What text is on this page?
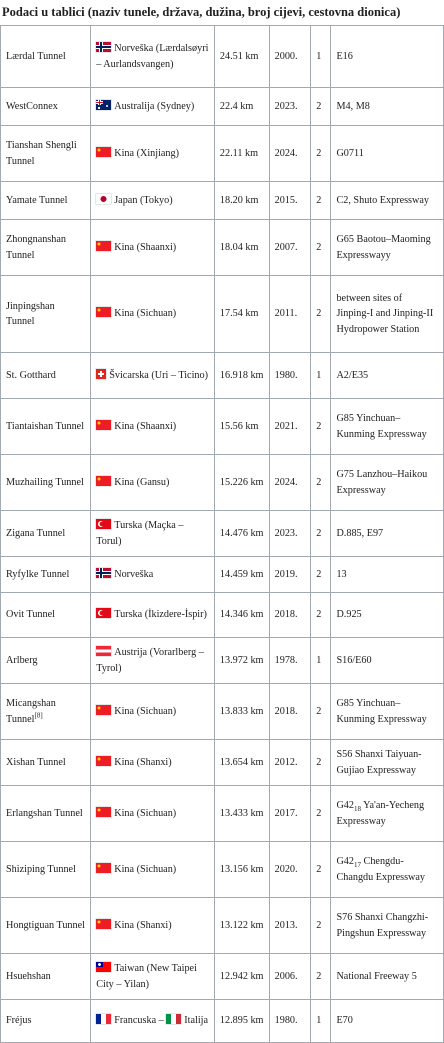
Podaci u tablici (naziv tunele, država, dužina, broj cijevi, cestovna dionica)
Lærdal Tunnel	Norveška (Lærdalsøyri – Aurlandsvangen)	24.51 km	2000.	1	E16
WestConnex	Australija (Sydney)	22.4 km	2023.	2	M4, M8
Tianshan Shengli Tunnel	Kina (Xinjiang)	22.11 km	2024.	2	G0711
Yamate Tunnel	Japan (Tokyo)	18.20 km	2015.	2	C2, Shuto Expressway
Zhongnanshan Tunnel	Kina (Shaanxi)	18.04 km	2007.	2	G65 Baotou–Maoming Expresswayy
Jinpingshan Tunnel	Kina (Sichuan)	17.54 km	2011.	2	between sites of Jinping-I and Jinping-II Hydropower Station
St. Gotthard	Švicarska (Uri – Ticino)	16.918 km	1980.	1	A2/E35
Tiantaishan Tunnel	Kina (Shaanxi)	15.56 km	2021.	2	G85 Yinchuan–Kunming Expressway
Muzhailing Tunnel	Kina (Gansu)	15.226 km	2024.	2	G75 Lanzhou–Haikou Expressway
Zigana Tunnel	Turska (Maçka – Torul)	14.476 km	2023.	2	D.885, E97
Ryfylke Tunnel	Norveška	14.459 km	2019.	2	13
Ovit Tunnel	Turska (İkizdere-İspir)	14.346 km	2018.	2	D.925
Arlberg	Austrija (Vorarlberg – Tyrol)	13.972 km	1978.	1	S16/E60
Micangshan Tunnel[8]	Kina (Sichuan)	13.833 km	2018.	2	G85 Yinchuan–Kunming Expressway
Xishan Tunnel	Kina (Shanxi)	13.654 km	2012.	2	S56 Shanxi Taiyuan-Gujiao Expressway
Erlangshan Tunnel	Kina (Sichuan)	13.433 km	2017.	2	$G42_{18}$ Ya'an-Yecheng Expressway
Shiziping Tunnel	Kina (Sichuan)	13.156 km	2020.	2	$G42_{17}$ Chengdu-Changdu Expressway
Hongtiguan Tunnel	Kina (Shanxi)	13.122 km	2013.	2	S76 Shanxi Changzhi-Pingshun Expressway
Hsuehshan	Taiwan (New Taipei City – Yilan)	12.942 km	2006.	2	National Freeway 5
Fréjus	Francuska – Italija	12.895 km	1980.	1	E70
